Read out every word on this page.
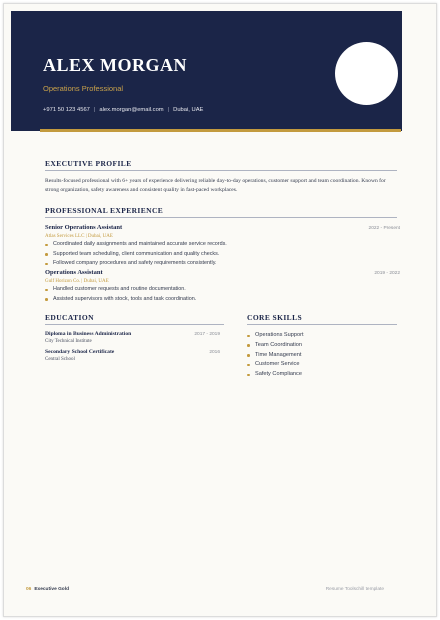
ALEX MORGAN
Operations Professional
+971 50 123 4567 | alex.morgan@email.com | Dubai, UAE
EXECUTIVE PROFILE
Results-focused professional with 6+ years of experience delivering reliable day-to-day operations, customer support and team coordination. Known for strong organization, safety awareness and consistent quality in fast-paced workplaces.
PROFESSIONAL EXPERIENCE
Senior Operations Assistant	2022 - Present
Atlas Services LLC | Dubai, UAE
Coordinated daily assignments and maintained accurate service records.
Supported team scheduling, client communication and quality checks.
Followed company procedures and safety requirements consistently.
Operations Assistant	2019 - 2022
Gulf Horizon Co. | Dubai, UAE
Handled customer requests and routine documentation.
Assisted supervisors with stock, tools and task coordination.
EDUCATION
Diploma in Business Administration	2017 - 2019
City Technical Institute
Secondary School Certificate	2016
Central School
CORE SKILLS
Operations Support
Team Coordination
Time Management
Customer Service
Safety Compliance
06 Executive Gold	Resume Toolschill template
